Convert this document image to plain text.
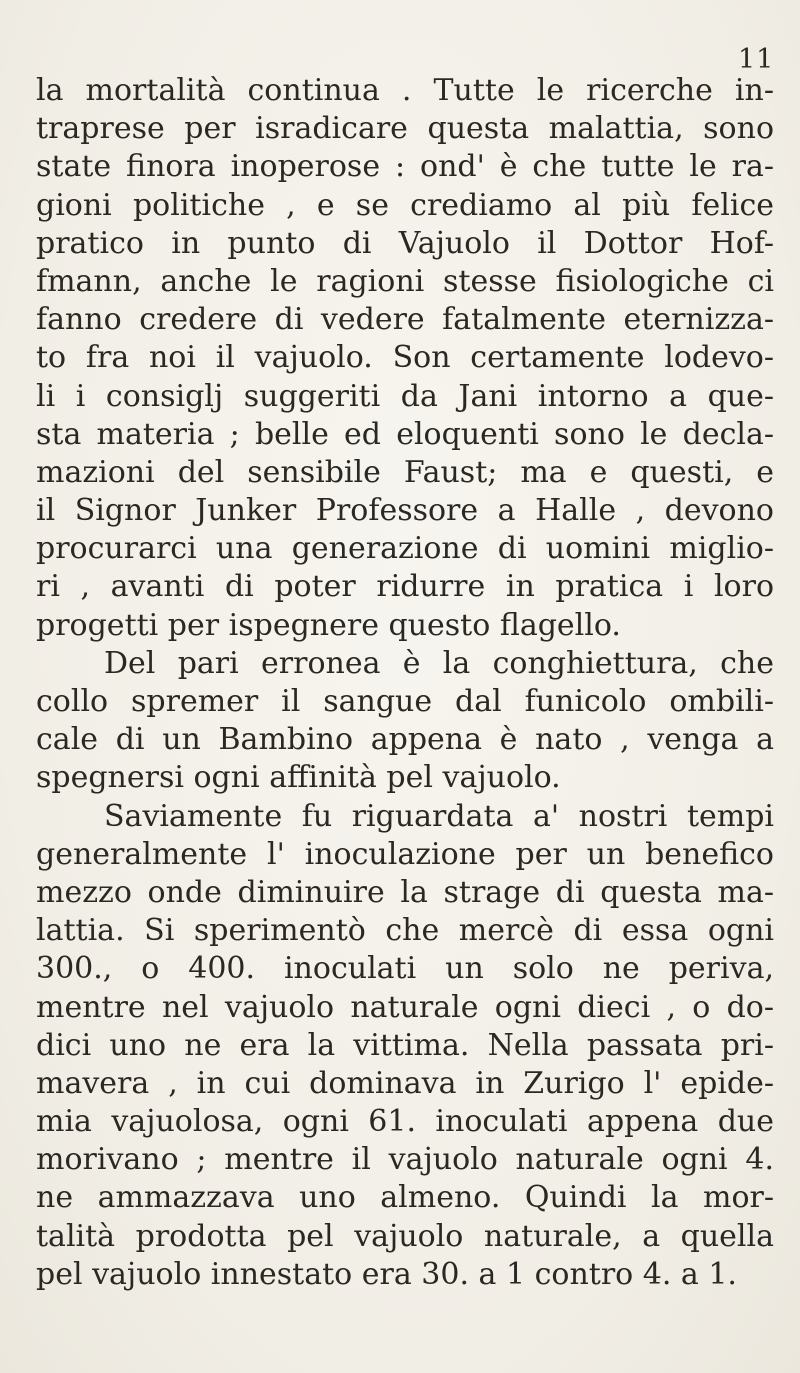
11
la mortalità continua . Tutte le ricerche in-
traprese per isradicare questa malattia, sono
state finora inoperose : ond' è che tutte le ra-
gioni politiche , e se crediamo al più felice
pratico in punto di Vajuolo il Dottor Hof-
fmann, anche le ragioni stesse fisiologiche ci
fanno credere di vedere fatalmente eternizza-
to fra noi il vajuolo. Son certamente lodevo-
li i consiglj suggeriti da Jani intorno a que-
sta materia ; belle ed eloquenti sono le decla-
mazioni del sensibile Faust; ma e questi, e
il Signor Junker Professore a Halle , devono
procurarci una generazione di uomini miglio-
ri , avanti di poter ridurre in pratica i loro
progetti per ispegnere questo flagello.
Del pari erronea è la conghiettura, che
collo spremer il sangue dal funicolo ombili-
cale di un Bambino appena è nato , venga a
spegnersi ogni affinità pel vajuolo.
Saviamente fu riguardata a' nostri tempi
generalmente l' inoculazione per un benefico
mezzo onde diminuire la strage di questa ma-
lattia. Si sperimentò che mercè di essa ogni
300., o 400. inoculati un solo ne periva,
mentre nel vajuolo naturale ogni dieci , o do-
dici uno ne era la vittima. Nella passata pri-
mavera , in cui dominava in Zurigo l' epide-
mia vajuolosa, ogni 61. inoculati appena due
morivano ; mentre il vajuolo naturale ogni 4.
ne ammazzava uno almeno. Quindi la mor-
talità prodotta pel vajuolo naturale, a quella
pel vajuolo innestato era 30. a 1 contro 4. a 1.
